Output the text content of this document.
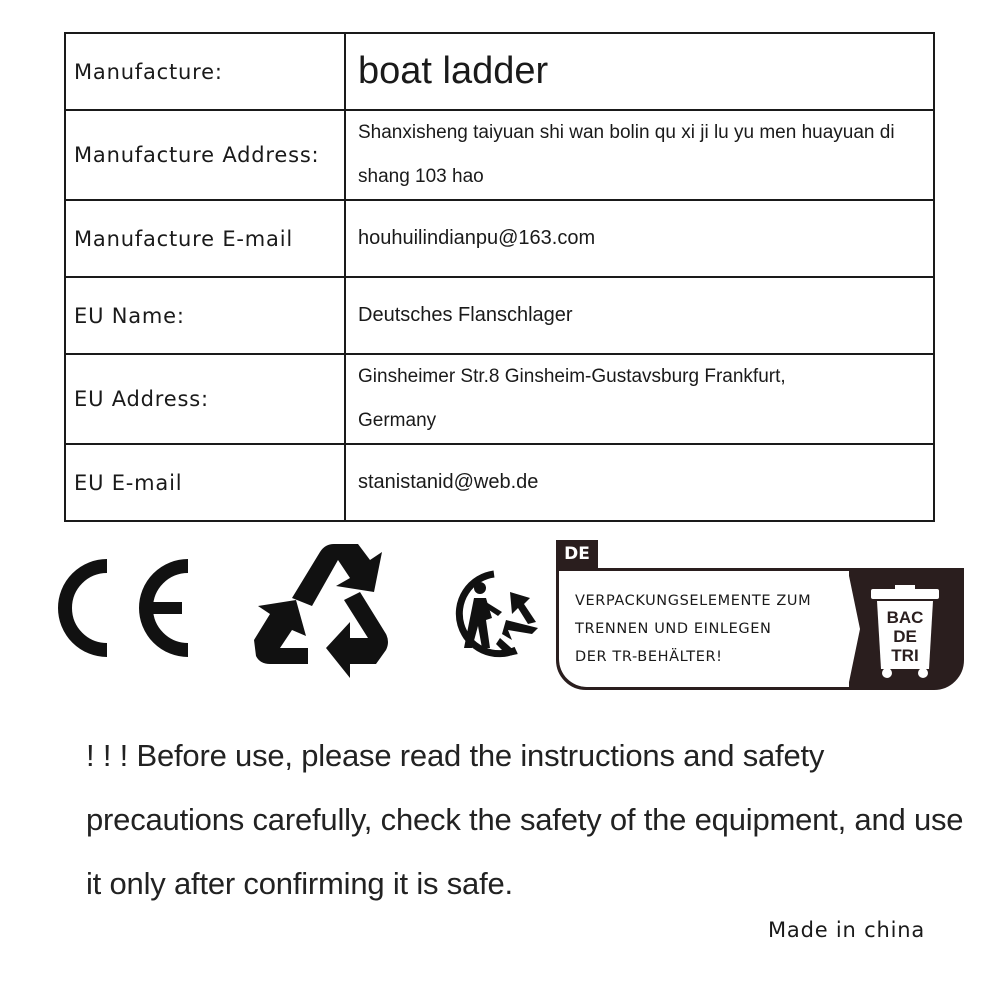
Manufacture:	boat ladder
Manufacture Address:	Shanxisheng taiyuan shi wan bolin qu xi ji lu yu men huayuan di
shang 103 hao

Manufacture E-mail	houhuilindianpu@163.com
EU Name:	Deutsches Flanschlager
EU Address:	Ginsheimer Str.8 Ginsheim-Gustavsburg Frankfurt,
Germany

EU E-mail	stanistanid@web.de
DE
VERPACKUNGSELEMENTE ZUM
TRENNEN UND EINLEGEN
DER TR-BEHÄLTER!
BAC
DE
TRI
! ! ! Before use, please read the instructions and safety precautions carefully, check the safety of the equipment, and use it only after confirming it is safe.
Made in china
